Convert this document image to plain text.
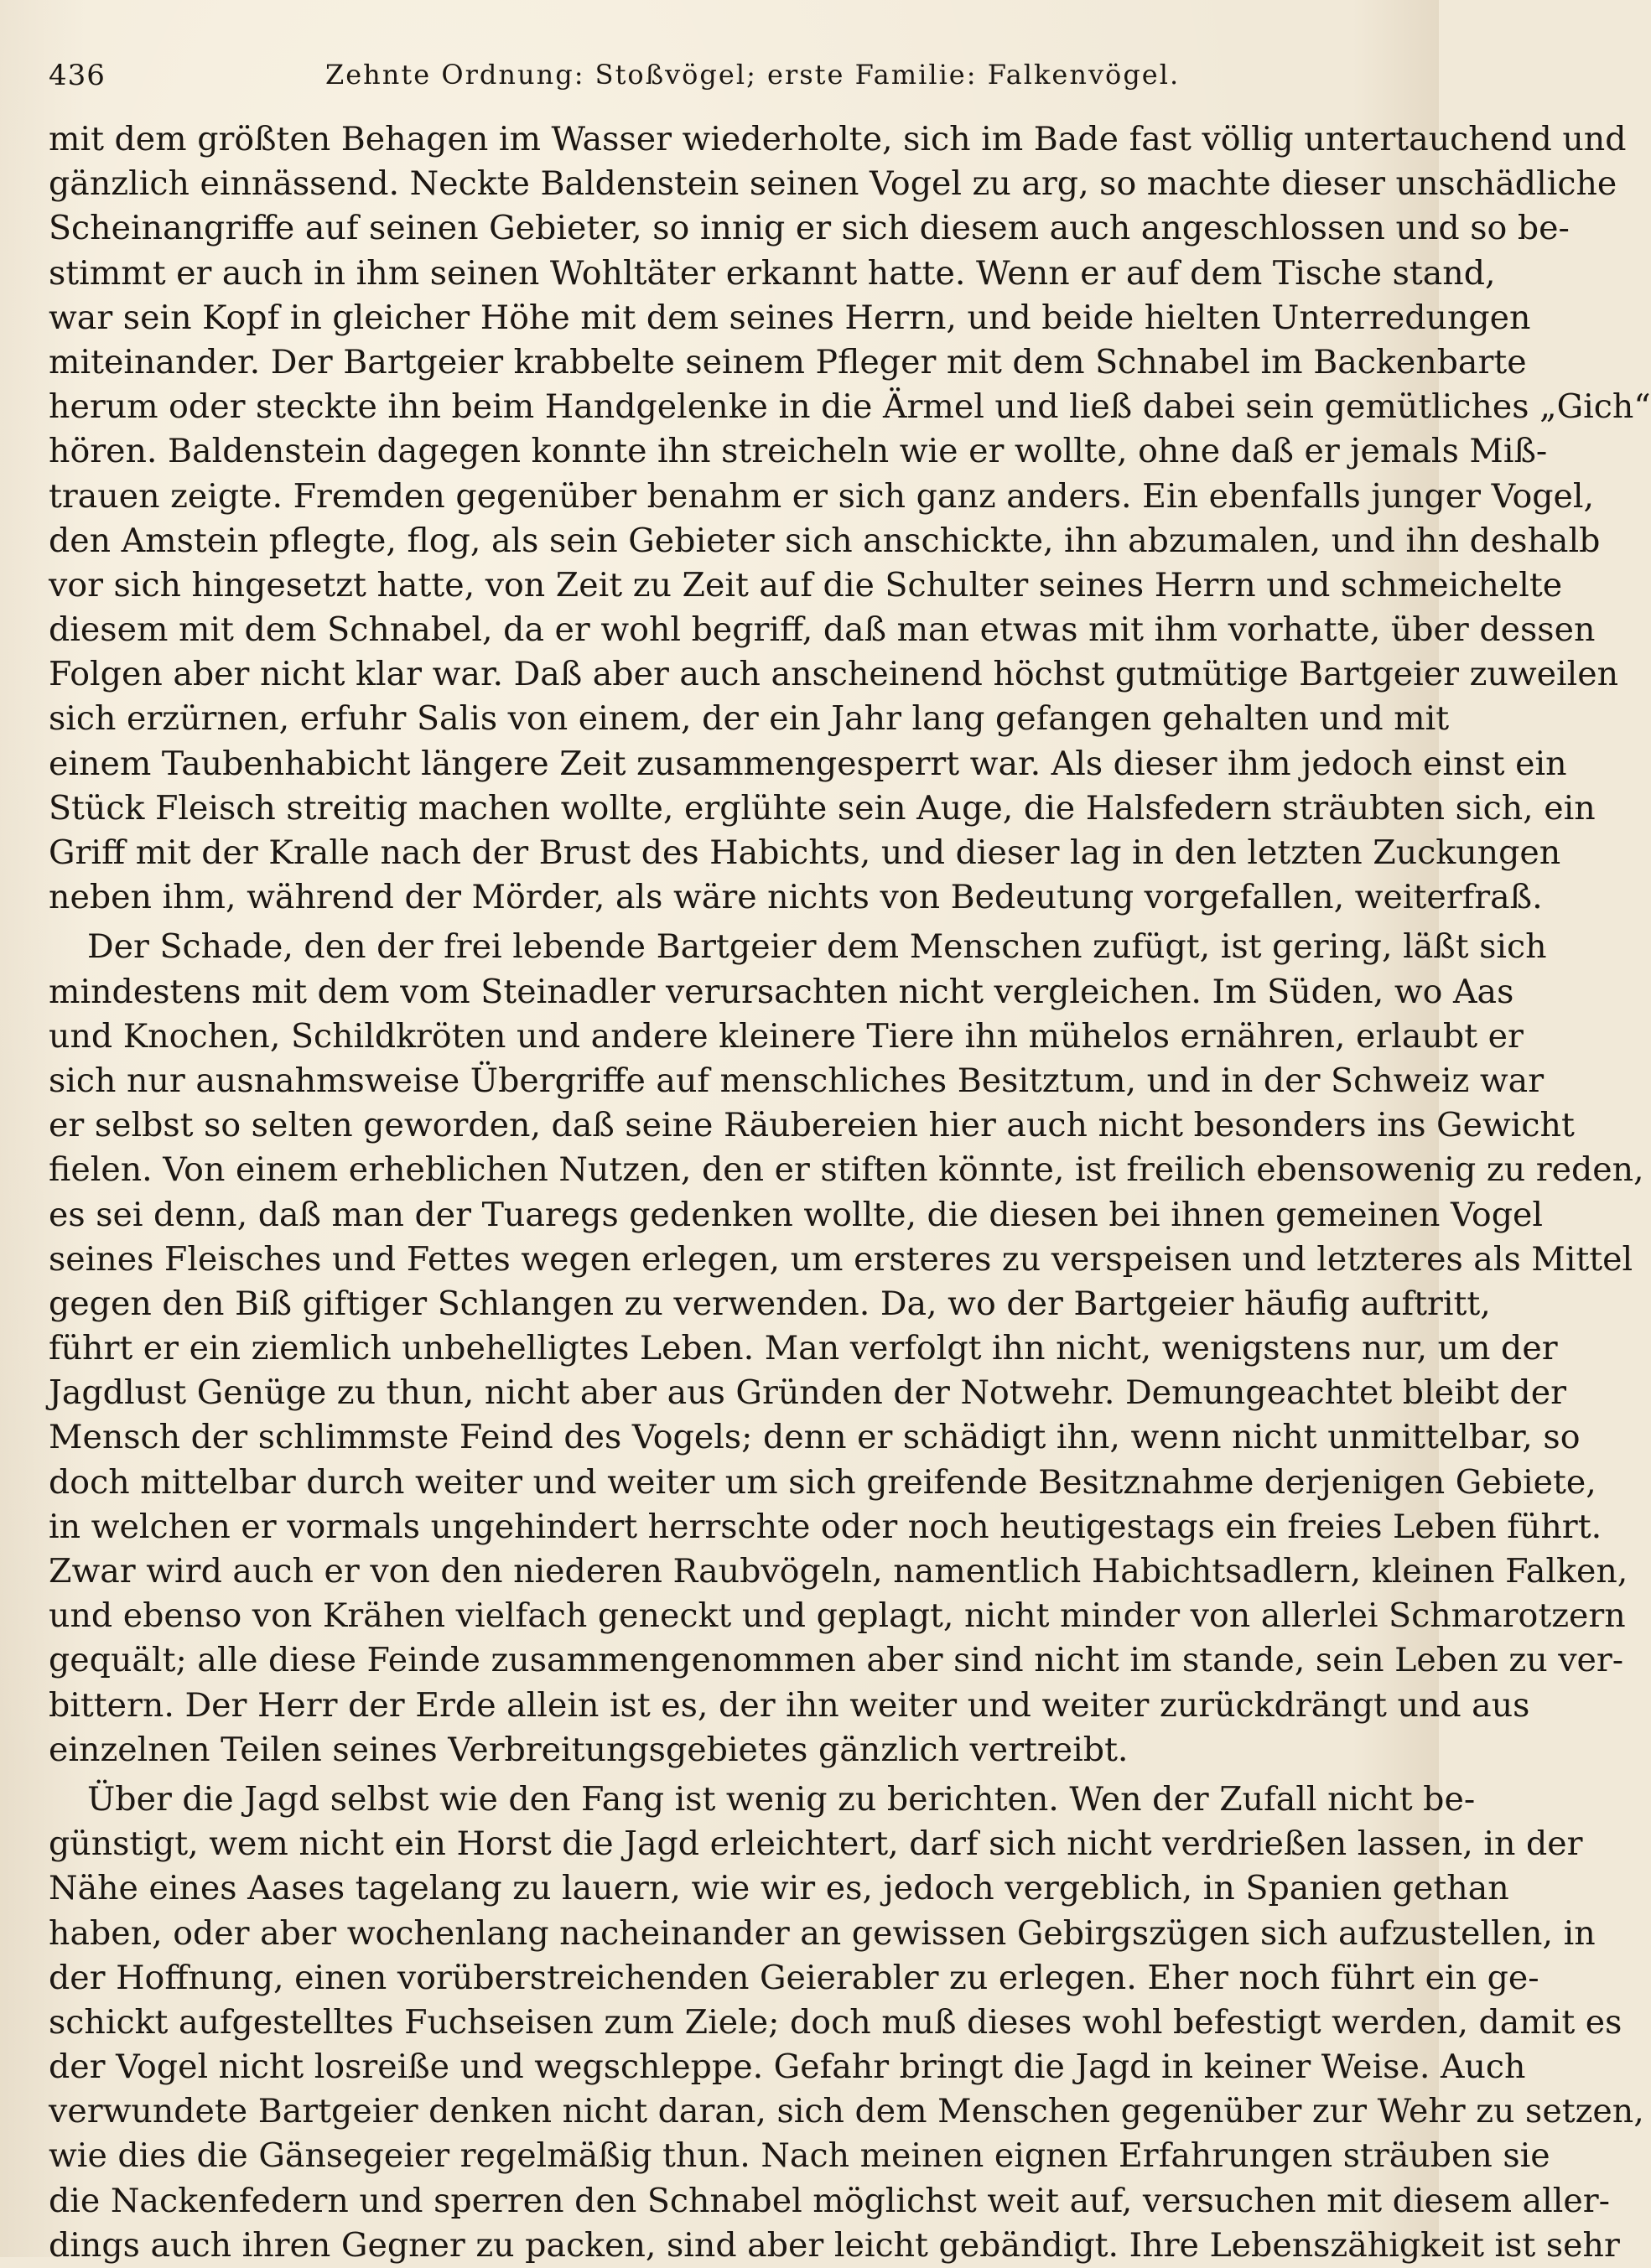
436	Zehnte Ordnung: Stoßvögel; erste Familie: Falkenvögel.
mit dem größten Behagen im Wasser wiederholte, sich im Bade fast völlig untertauchend und
gänzlich einnässend. Neckte Baldenstein seinen Vogel zu arg, so machte dieser unschädliche
Scheinangriffe auf seinen Gebieter, so innig er sich diesem auch angeschlossen und so be-
stimmt er auch in ihm seinen Wohltäter erkannt hatte. Wenn er auf dem Tische stand,
war sein Kopf in gleicher Höhe mit dem seines Herrn, und beide hielten Unterredungen
miteinander. Der Bartgeier krabbelte seinem Pfleger mit dem Schnabel im Backenbarte
herum oder steckte ihn beim Handgelenke in die Ärmel und ließ dabei sein gemütliches „Gich“
hören. Baldenstein dagegen konnte ihn streicheln wie er wollte, ohne daß er jemals Miß-
trauen zeigte. Fremden gegenüber benahm er sich ganz anders. Ein ebenfalls junger Vogel,
den Amstein pflegte, flog, als sein Gebieter sich anschickte, ihn abzumalen, und ihn deshalb
vor sich hingesetzt hatte, von Zeit zu Zeit auf die Schulter seines Herrn und schmeichelte
diesem mit dem Schnabel, da er wohl begriff, daß man etwas mit ihm vorhatte, über dessen
Folgen aber nicht klar war. Daß aber auch anscheinend höchst gutmütige Bartgeier zuweilen
sich erzürnen, erfuhr Salis von einem, der ein Jahr lang gefangen gehalten und mit
einem Taubenhabicht längere Zeit zusammengesperrt war. Als dieser ihm jedoch einst ein
Stück Fleisch streitig machen wollte, erglühte sein Auge, die Halsfedern sträubten sich, ein
Griff mit der Kralle nach der Brust des Habichts, und dieser lag in den letzten Zuckungen
neben ihm, während der Mörder, als wäre nichts von Bedeutung vorgefallen, weiterfraß.
Der Schade, den der frei lebende Bartgeier dem Menschen zufügt, ist gering, läßt sich
mindestens mit dem vom Steinadler verursachten nicht vergleichen. Im Süden, wo Aas
und Knochen, Schildkröten und andere kleinere Tiere ihn mühelos ernähren, erlaubt er
sich nur ausnahmsweise Übergriffe auf menschliches Besitztum, und in der Schweiz war
er selbst so selten geworden, daß seine Räubereien hier auch nicht besonders ins Gewicht
fielen. Von einem erheblichen Nutzen, den er stiften könnte, ist freilich ebensowenig zu reden,
es sei denn, daß man der Tuaregs gedenken wollte, die diesen bei ihnen gemeinen Vogel
seines Fleisches und Fettes wegen erlegen, um ersteres zu verspeisen und letzteres als Mittel
gegen den Biß giftiger Schlangen zu verwenden. Da, wo der Bartgeier häufig auftritt,
führt er ein ziemlich unbehelligtes Leben. Man verfolgt ihn nicht, wenigstens nur, um der
Jagdlust Genüge zu thun, nicht aber aus Gründen der Notwehr. Demungeachtet bleibt der
Mensch der schlimmste Feind des Vogels; denn er schädigt ihn, wenn nicht unmittelbar, so
doch mittelbar durch weiter und weiter um sich greifende Besitznahme derjenigen Gebiete,
in welchen er vormals ungehindert herrschte oder noch heutigestags ein freies Leben führt.
Zwar wird auch er von den niederen Raubvögeln, namentlich Habichtsadlern, kleinen Falken,
und ebenso von Krähen vielfach geneckt und geplagt, nicht minder von allerlei Schmarotzern
gequält; alle diese Feinde zusammengenommen aber sind nicht im stande, sein Leben zu ver-
bittern. Der Herr der Erde allein ist es, der ihn weiter und weiter zurückdrängt und aus
einzelnen Teilen seines Verbreitungsgebietes gänzlich vertreibt.
Über die Jagd selbst wie den Fang ist wenig zu berichten. Wen der Zufall nicht be-
günstigt, wem nicht ein Horst die Jagd erleichtert, darf sich nicht verdrießen lassen, in der
Nähe eines Aases tagelang zu lauern, wie wir es, jedoch vergeblich, in Spanien gethan
haben, oder aber wochenlang nacheinander an gewissen Gebirgszügen sich aufzustellen, in
der Hoffnung, einen vorüberstreichenden Geierabler zu erlegen. Eher noch führt ein ge-
schickt aufgestelltes Fuchseisen zum Ziele; doch muß dieses wohl befestigt werden, damit es
der Vogel nicht losreiße und wegschleppe. Gefahr bringt die Jagd in keiner Weise. Auch
verwundete Bartgeier denken nicht daran, sich dem Menschen gegenüber zur Wehr zu setzen,
wie dies die Gänsegeier regelmäßig thun. Nach meinen eignen Erfahrungen sträuben sie
die Nackenfedern und sperren den Schnabel möglichst weit auf, versuchen mit diesem aller-
dings auch ihren Gegner zu packen, sind aber leicht gebändigt. Ihre Lebenszähigkeit ist sehr
